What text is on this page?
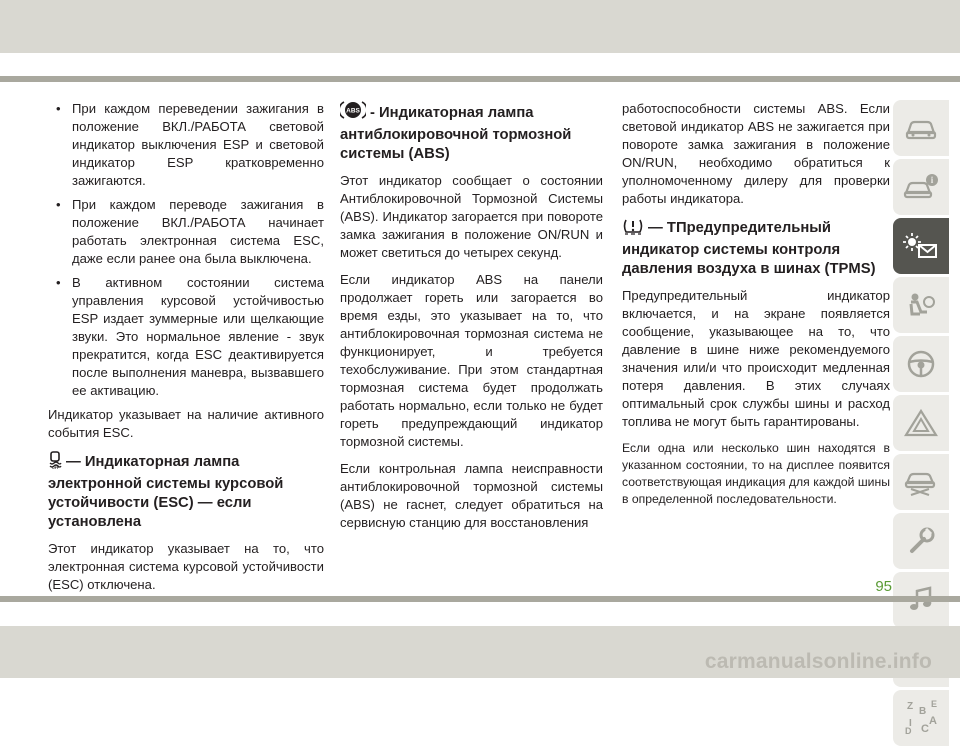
• При каждом переведении зажигания в положение ВКЛ./РАБОТА световой индикатор выключения ESP и световой индикатор ESP кратковременно зажигаются.
• При каждом переводе зажигания в положение ВКЛ./РАБОТА начинает работать электронная система ESC, даже если ранее она была выключена.
• В активном состоянии система управления курсовой устойчивостью ESP издает зуммерные или щелкающие звуки. Это нормальное явление - звук прекратится, когда ESC деактивируется после выполнения маневра, вызвавшего ее активацию.

Индикатор указывает на наличие активного события ESC.

OFF — Индикаторная лампа электронной системы курсовой устойчивости (ESC) — если установлена

Этот индикатор указывает на то, что электронная система курсовой устойчивости (ESC) отключена.

ABS - Индикаторная лампа антиблокировочной тормозной системы (ABS)

Этот индикатор сообщает о состоянии Антиблокировочной Тормозной Системы (ABS). Индикатор загорается при повороте замка зажигания в положение ON/RUN и может светиться до четырех секунд.

Если индикатор ABS на панели продолжает гореть или загорается во время езды, это указывает на то, что антиблокировочная тормозная система не функционирует, и требуется техобслуживание. При этом стандартная тормозная система будет продолжать работать нормально, если только не будет гореть предупреждающий индикатор тормозной системы.

Если контрольная лампа неисправности антиблокировочной тормозной системы (ABS) не гаснет, следует обратиться на сервисную станцию для восстановления

работоспособности системы ABS. Если световой индикатор ABS не зажигается при повороте замка зажигания в положение ON/RUN, необходимо обратиться к уполномоченному дилеру для проверки работы индикатора.

— ТПредупредительный индикатор системы контроля давления воздуха в шинах (TPMS)

Предупредительный индикатор включается, и на экране появляется сообщение, указывающее на то, что давление в шине ниже рекомендуемого значения или/и что происходит медленная потеря давления. В этих случаях оптимальный срок службы шины и расход топлива не могут быть гарантированы.

Если одна или несколько шин находятся в указанном состоянии, то на дисплее появится соответствующая индикация для каждой шины в определенной последовательности.

i
Z B
E
I C
A
D
95
carmanualsonline.info
